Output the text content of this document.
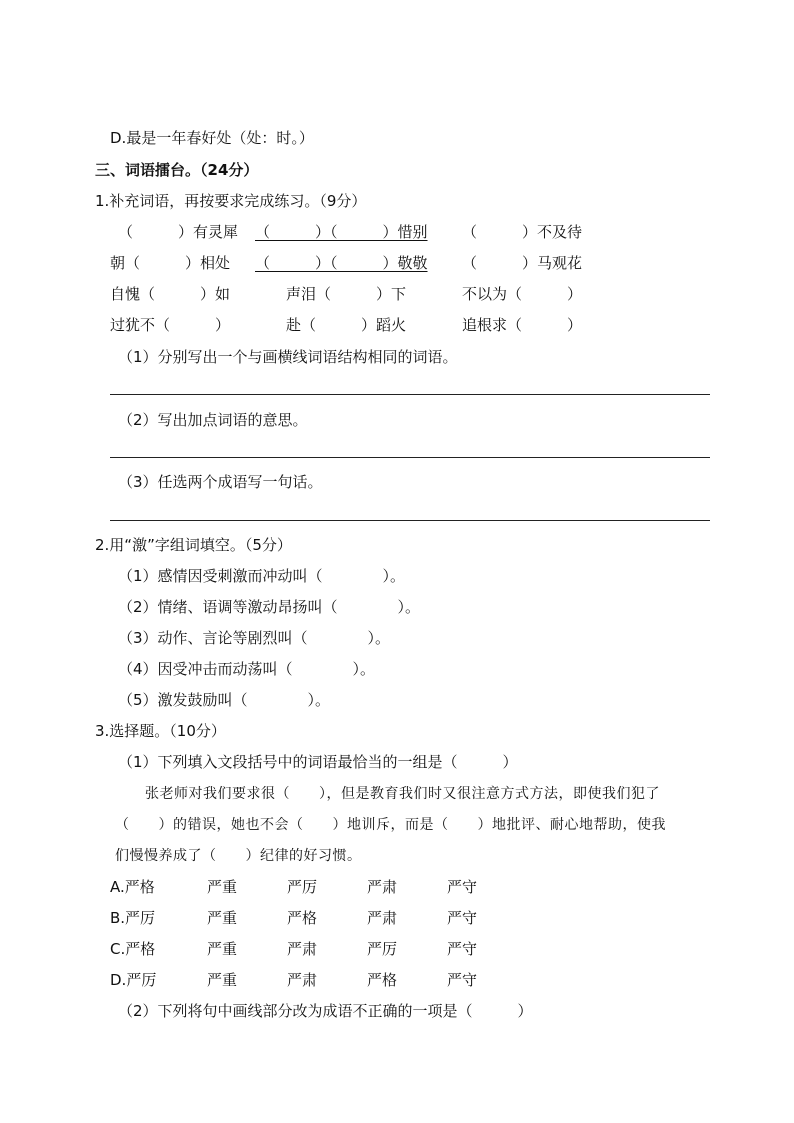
D.最是一年春好处（处：时。）
三、词语擂台。（24分）
1.补充词语，再按要求完成练习。（9分）
（　　　）有灵犀 （　　　）（　　　）惜别 （　　　）不及待
朝（　　　）相处 （　　　）（　　　）敬敬 （　　　）马观花
自愧（　　　）如	声泪（　　　）下	不以为（　　　）
过犹不（　　　）	赴（　　　）蹈火	追根求（　　　）
（1）分别写出一个与画横线词语结构相同的词语。
（2）写出加点词语的意思。
（3）任选两个成语写一句话。
2.用“激”字组词填空。（5分）
（1）感情因受刺激而冲动叫（　　　　）。
（2）情绪、语调等激动昂扬叫（　　　　）。
（3）动作、言论等剧烈叫（　　　　）。
（4）因受冲击而动荡叫（　　　　）。
（5）激发鼓励叫（　　　　）。
3.选择题。（10分）
（1）下列填入文段括号中的词语最恰当的一组是（　　　）
张老师对我们要求很（　　），但是教育我们时又很注意方式方法，即使我们犯了
（　　）的错误，她也不会（　　）地训斥，而是（　　）地批评、耐心地帮助，使我
们慢慢养成了（　　）纪律的好习惯。
A.严格	严重	严厉	严肃	严守
B.严厉	严重	严格	严肃	严守
C.严格	严重	严肃	严厉	严守
D.严厉	严重	严肃	严格	严守
（2）下列将句中画线部分改为成语不正确的一项是（　　　）
